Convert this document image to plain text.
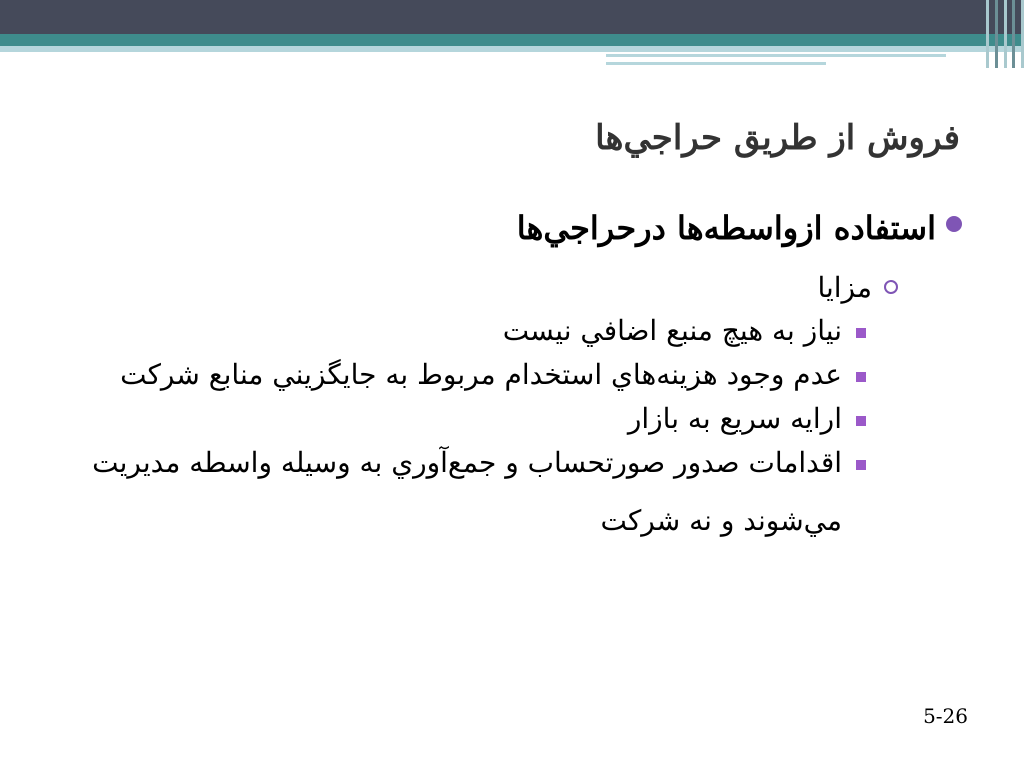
فروش از طريق حراجي‌ها
استفاده ازواسطه‌ها درحراجي‌ها
مزايا
نياز به هيچ منبع اضافي نيست
عدم وجود هزينه‌هاي استخدام مربوط به جايگزيني منابع شركت
ارايه سريع به بازار
اقدامات صدور صورتحساب و جمع‌آوري به وسيله واسطه مديريت مي‌شوند و نه شركت
5-26
